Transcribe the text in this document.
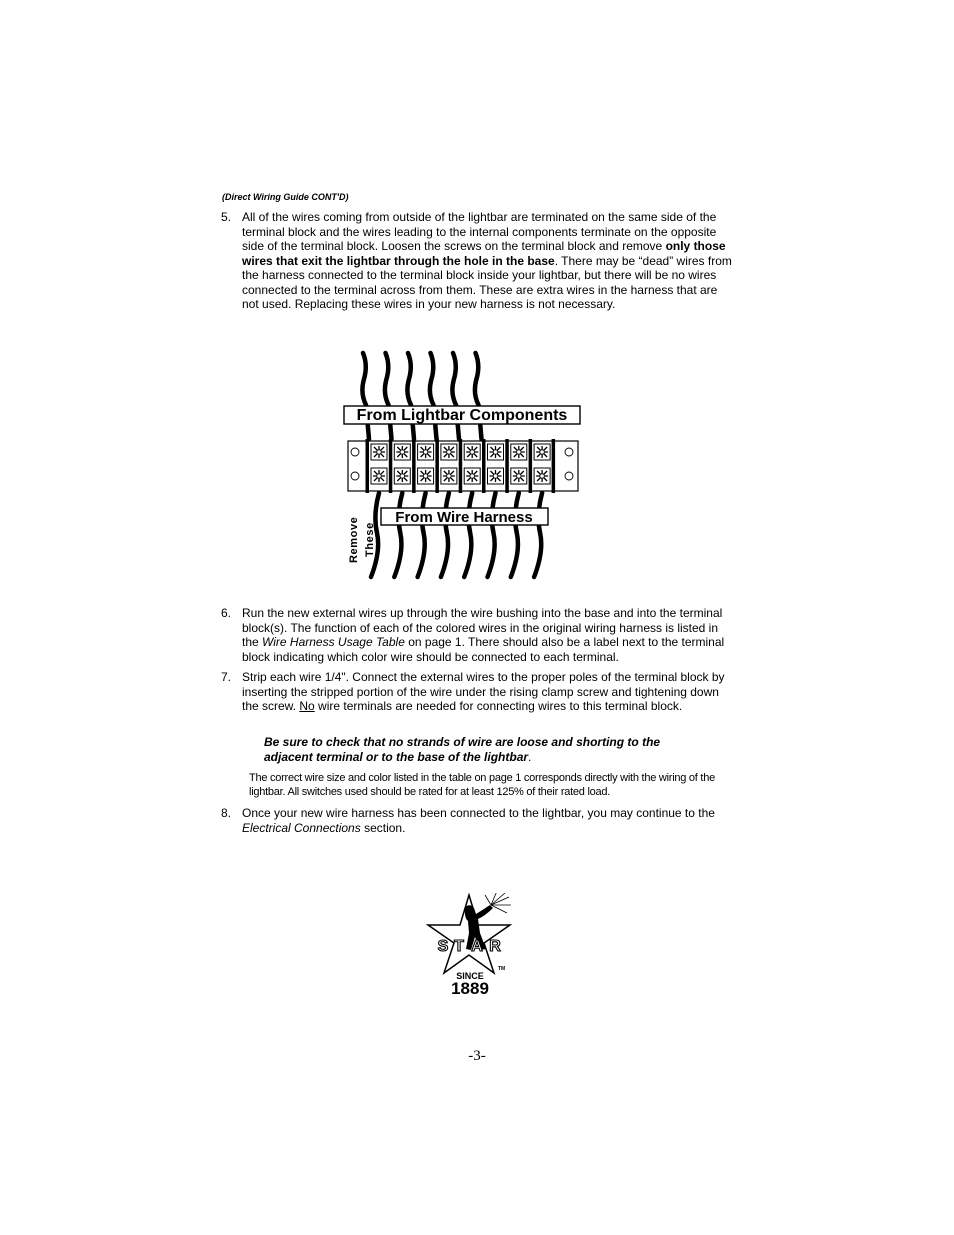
(Direct Wiring Guide CONT'D)
5. All of the wires coming from outside of the lightbar are terminated on the same side of the terminal block and the wires leading to the internal components terminate on the opposite side of the terminal block. Loosen the screws on the terminal block and remove only those wires that exit the lightbar through the hole in the base. There may be “dead” wires from the harness connected to the terminal block inside your lightbar, but there will be no wires connected to the terminal across from them. These are extra wires in the harness that are not used. Replacing these wires in your new harness is not necessary.
From Lightbar Components
From Wire Harness
Remove These
6. Run the new external wires up through the wire bushing into the base and into the terminal block(s). The function of each of the colored wires in the original wiring harness is listed in the Wire Harness Usage Table on page 1. There should also be a label next to the terminal block indicating which color wire should be connected to each terminal.
7. Strip each wire 1/4". Connect the external wires to the proper poles of the terminal block by inserting the stripped portion of the wire under the rising clamp screw and tightening down the screw. No wire terminals are needed for connecting wires to this terminal block.
Be sure to check that no strands of wire are loose and shorting to the adjacent terminal or to the base of the lightbar.
The correct wire size and color listed in the table on page 1 corresponds directly with the wiring of the lightbar. All switches used should be rated for at least 125% of their rated load.
8. Once your new wire harness has been connected to the lightbar, you may continue to the Electrical Connections section.
S T A R
SINCE
TM
1889
-3-
